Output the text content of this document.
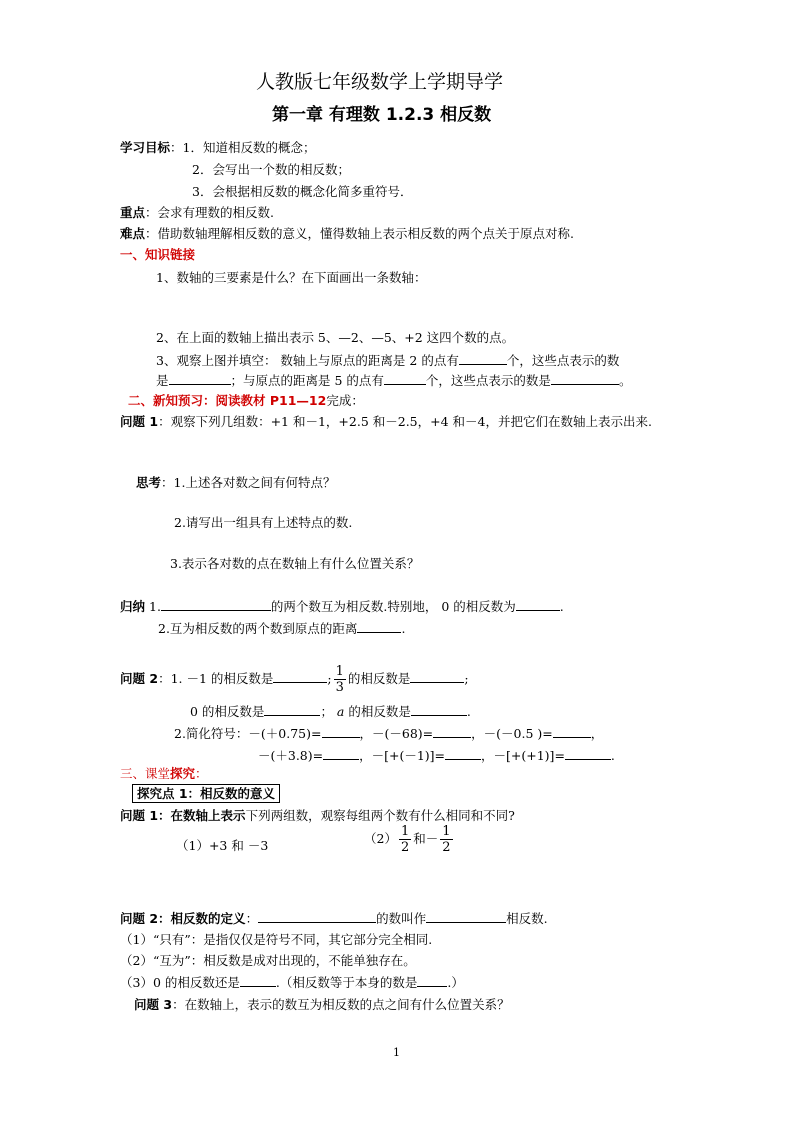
人教版七年级数学上学期导学
第一章 有理数 1.2.3 相反数
学习目标：1．知道相反数的概念；
2．会写出一个数的相反数；
3．会根据相反数的概念化简多重符号．
重点：会求有理数的相反数.
难点：借助数轴理解相反数的意义，懂得数轴上表示相反数的两个点关于原点对称.
一、知识链接
1、数轴的三要素是什么？在下面画出一条数轴：
2、在上面的数轴上描出表示 5、—2、—5、+2 这四个数的点。
3、观察上图并填空： 数轴上与原点的距离是 2 的点有	个，这些点表示的数
是	；与原点的距离是 5 的点有	个，这些点表示的数是	。
二、新知预习：阅读教材 P11—12完成：
问题 1：观察下列几组数：+1 和－1，+2.5 和－2.5，+4 和－4，并把它们在数轴上表示出来.
思考：1.上述各对数之间有何特点？
2.请写出一组具有上述特点的数.
3.表示各对数的点在数轴上有什么位置关系？
归纳 1.	的两个数互为相反数.特别地， 0 的相反数为	.
2.互为相反数的两个数到原点的距离	.
问题 2：1. －1 的相反数是	; $\frac{1}{3}$ 的相反数是	;
0 的相反数是	； a 的相反数是	.
2.简化符号：－(＋0.75)=	，－(－68)=	，－(－0.5 )=	，
－(＋3.8)=	，－[+(－1)]=	，－[+(+1)]=	.
三、课堂探究：
探究点 1：相反数的意义
问题 1：在数轴上表示下列两组数，观察每组两个数有什么相同和不同?
（1）+3 和 －3	$(2) \frac{1}{2}$ 和－ $\frac{1}{2}$
问题 2：相反数的定义：	的数叫作	相反数.
（1）“只有”：是指仅仅是符号不同，其它部分完全相同.
（2）“互为”：相反数是成对出现的，不能单独存在。
（3）0 的相反数还是	.（相反数等于本身的数是 .）
问题 3：在数轴上，表示的数互为相反数的点之间有什么位置关系？
1
